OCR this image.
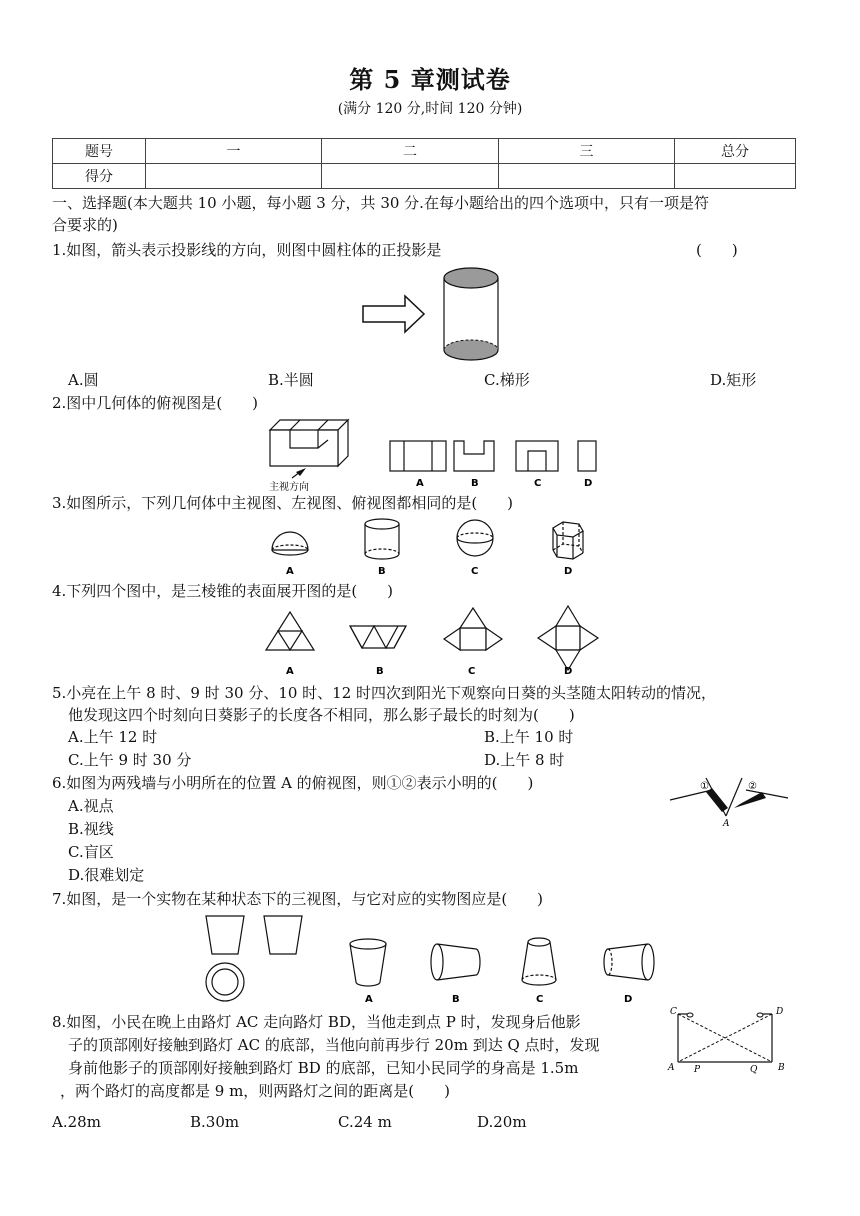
第 5 章测试卷
(满分 120 分,时间 120 分钟)
题号	一	二	三	总分
得分				
一、选择题(本大题共 10 小题，每小题 3 分，共 30 分.在每小题给出的四个选项中，只有一项是符
合要求的)
1.如图，箭头表示投影线的方向，则图中圆柱体的正投影是	(　　)
A.圆	B.半圆	C.梯形	D.矩形
2.图中几何体的俯视图是(　　)
主视方向	A	B	C	D
3.如图所示，下列几何体中主视图、左视图、俯视图都相同的是(　　)
A	B	C	D
4.下列四个图中，是三棱锥的表面展开图的是(　　)
A	B	C	D
5.小亮在上午 8 时、9 时 30 分、10 时、12 时四次到阳光下观察向日葵的头茎随太阳转动的情况，
他发现这四个时刻向日葵影子的长度各不相同，那么影子最长的时刻为(　　)
A.上午 12 时	B.上午 10 时
C.上午 9 时 30 分	D.上午 8 时
6.如图为两残墙与小明所在的位置 A 的俯视图，则①②表示小明的(　　)
A.视点
B.视线
C.盲区
D.很难划定
①	②
A
7.如图，是一个实物在某种状态下的三视图，与它对应的实物图应是(　　)
A	B	C	D
8.如图，小民在晚上由路灯 AC 走向路灯 BD，当他走到点 P 时，发现身后他影
子的顶部刚好接触到路灯 AC 的底部，当他向前再步行 20m 到达 Q 点时，发现
身前他影子的顶部刚好接触到路灯 BD 的底部，已知小民同学的身高是 1.5m
，两个路灯的高度都是 9 m，则两路灯之间的距离是(　　)
C	D
A P	Q B
A.28m	B.30m	C.24 m	D.20m
